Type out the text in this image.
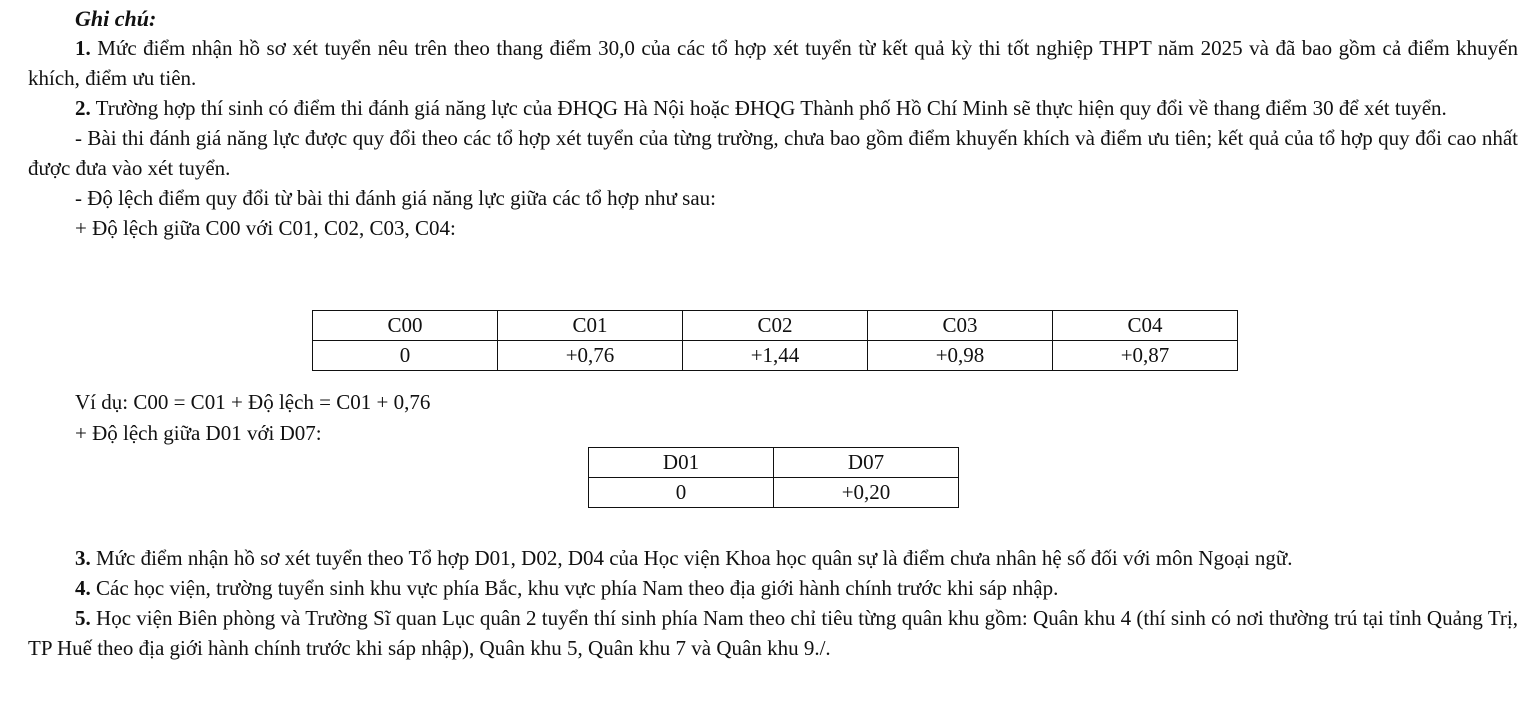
Ghi chú:

1. Mức điểm nhận hồ sơ xét tuyển nêu trên theo thang điểm 30,0 của các tổ hợp xét tuyển từ kết quả kỳ thi tốt nghiệp THPT năm 2025 và đã bao gồm cả điểm khuyến khích, điểm ưu tiên.

2. Trường hợp thí sinh có điểm thi đánh giá năng lực của ĐHQG Hà Nội hoặc ĐHQG Thành phố Hồ Chí Minh sẽ thực hiện quy đổi về thang điểm 30 để xét tuyển.

- Bài thi đánh giá năng lực được quy đổi theo các tổ hợp xét tuyển của từng trường, chưa bao gồm điểm khuyến khích và điểm ưu tiên; kết quả của tổ hợp quy đổi cao nhất được đưa vào xét tuyển.

- Độ lệch điểm quy đổi từ bài thi đánh giá năng lực giữa các tổ hợp như sau:
+ Độ lệch giữa C00 với C01, C02, C03, C04:
C00	C01	C02	C03	C04
0	+0,76	+1,44	+0,98	+0,87
Ví dụ: C00 = C01 + Độ lệch = C01 + 0,76
+ Độ lệch giữa D01 với D07:
D01	D07
0	+0,20

3. Mức điểm nhận hồ sơ xét tuyển theo Tổ hợp D01, D02, D04 của Học viện Khoa học quân sự là điểm chưa nhân hệ số đối với môn Ngoại ngữ.

4. Các học viện, trường tuyển sinh khu vực phía Bắc, khu vực phía Nam theo địa giới hành chính trước khi sáp nhập.

5. Học viện Biên phòng và Trường Sĩ quan Lục quân 2 tuyển thí sinh phía Nam theo chỉ tiêu từng quân khu gồm: Quân khu 4 (thí sinh có nơi thường trú tại tỉnh Quảng Trị, TP Huế theo địa giới hành chính trước khi sáp nhập), Quân khu 5, Quân khu 7 và Quân khu 9./.
